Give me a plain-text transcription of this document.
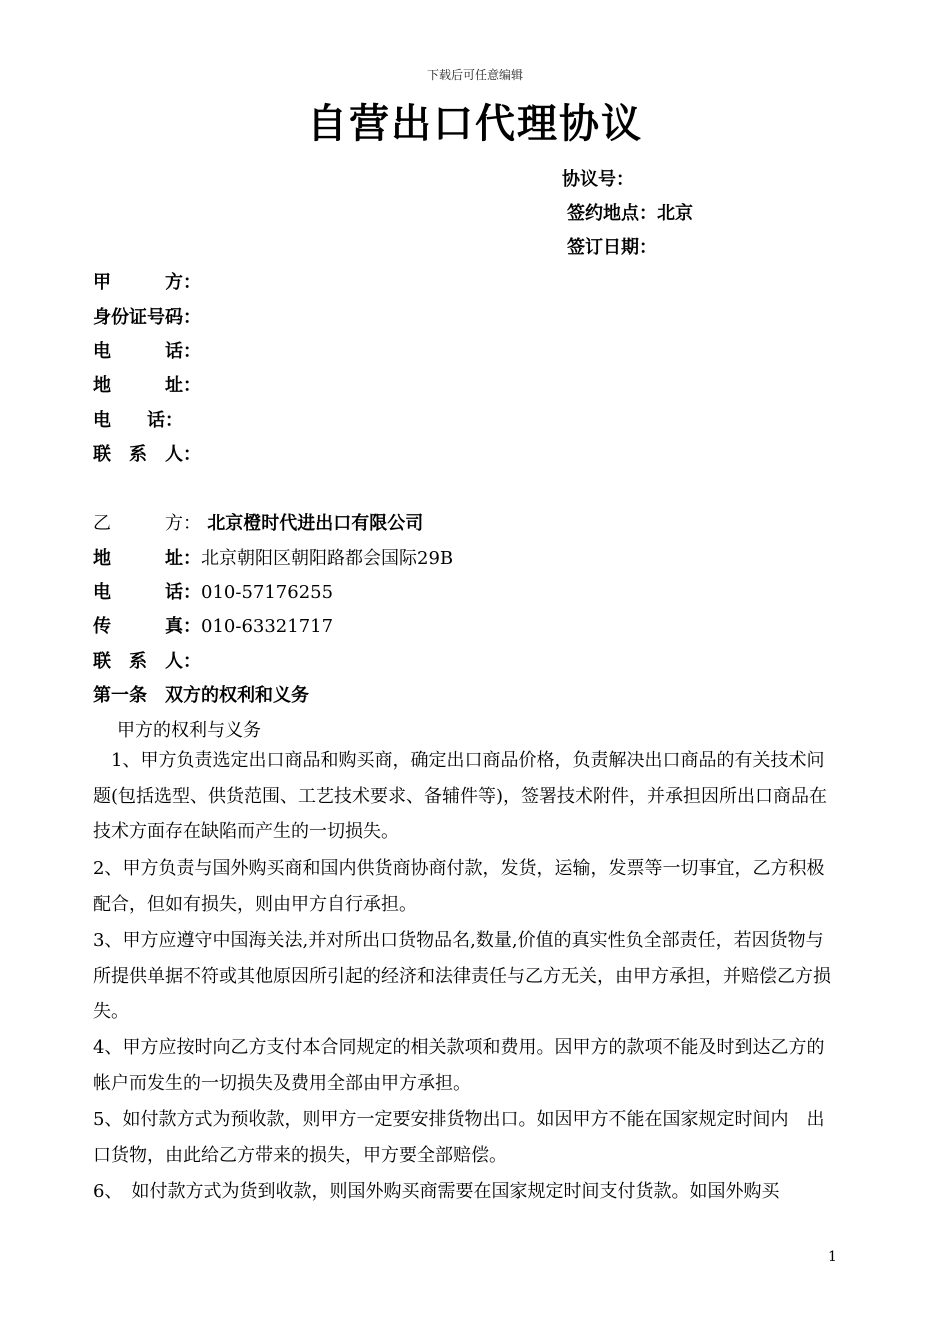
下载后可任意编辑
自营出口代理协议
协议号：
签约地点：北京
签订日期：
甲　　　方：
身份证号码：
电　　　话：
地　　　址：
电　　话：
联　系　人：
乙　　　方： 北京橙时代进出口有限公司
地　　　址：北京朝阳区朝阳路都会国际29B
电　　　话：010-57176255
传　　　真：010-63321717
联　系　人：
第一条　双方的权利和义务
甲方的权利与义务
　1、甲方负责选定出口商品和购买商，确定出口商品价格，负责解决出口商品的有关技术问题(包括选型、供货范围、工艺技术要求、备辅件等)，签署技术附件，并承担因所出口商品在技术方面存在缺陷而产生的一切损失。
2、甲方负责与国外购买商和国内供货商协商付款，发货，运输，发票等一切事宜，乙方积极配合，但如有损失，则由甲方自行承担。
3、甲方应遵守中国海关法,并对所出口货物品名,数量,价值的真实性负全部责任，若因货物与所提供单据不符或其他原因所引起的经济和法律责任与乙方无关，由甲方承担，并赔偿乙方损失。
4、甲方应按时向乙方支付本合同规定的相关款项和费用。因甲方的款项不能及时到达乙方的帐户而发生的一切损失及费用全部由甲方承担。
5、如付款方式为预收款，则甲方一定要安排货物出口。如因甲方不能在国家规定时间内　出口货物，由此给乙方带来的损失，甲方要全部赔偿。
6、　如付款方式为货到收款，则国外购买商需要在国家规定时间支付货款。如国外购买
1
